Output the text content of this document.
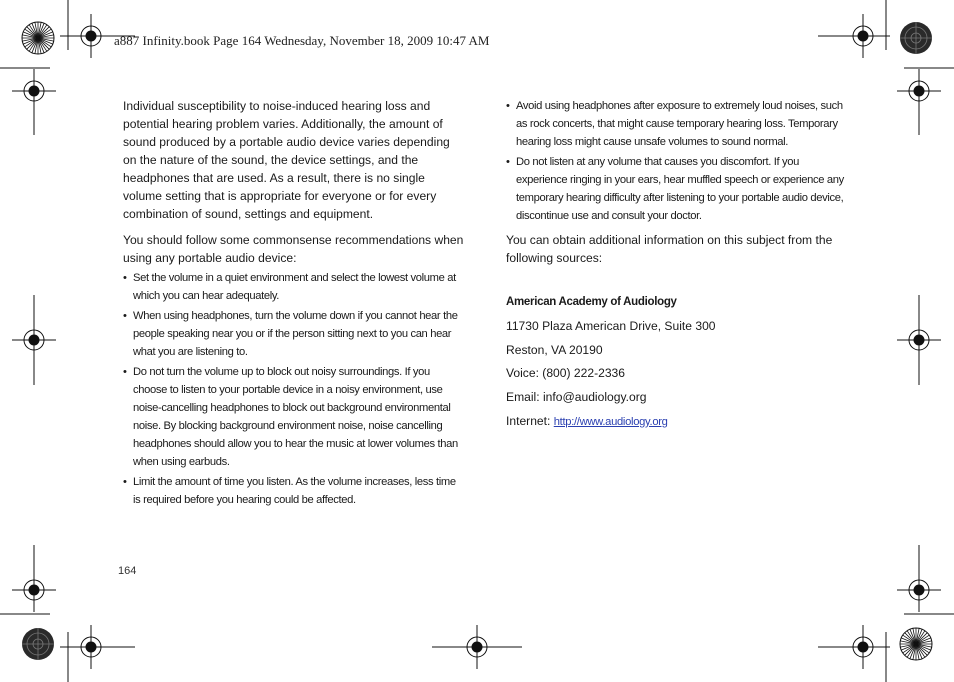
a887 Infinity.book Page 164 Wednesday, November 18, 2009 10:47 AM

Individual susceptibility to noise-induced hearing loss and potential hearing problem varies. Additionally, the amount of sound produced by a portable audio device varies depending on the nature of the sound, the device settings, and the headphones that are used. As a result, there is no single volume setting that is appropriate for everyone or for every combination of sound, settings and equipment.

You should follow some commonsense recommendations when using any portable audio device:

• Set the volume in a quiet environment and select the lowest volume at which you can hear adequately.
• When using headphones, turn the volume down if you cannot hear the people speaking near you or if the person sitting next to you can hear what you are listening to.
• Do not turn the volume up to block out noisy surroundings. If you choose to listen to your portable device in a noisy environment, use noise-cancelling headphones to block out background environmental noise. By blocking background environment noise, noise cancelling headphones should allow you to hear the music at lower volumes than when using earbuds.
• Limit the amount of time you listen. As the volume increases, less time is required before you hearing could be affected.
• Avoid using headphones after exposure to extremely loud noises, such as rock concerts, that might cause temporary hearing loss. Temporary hearing loss might cause unsafe volumes to sound normal.
• Do not listen at any volume that causes you discomfort. If you experience ringing in your ears, hear muffled speech or experience any temporary hearing difficulty after listening to your portable audio device, discontinue use and consult your doctor.

You can obtain additional information on this subject from the following sources:

American Academy of Audiology
11730 Plaza American Drive, Suite 300
Reston, VA 20190
Voice: (800) 222-2336
Email: info@audiology.org
Internet: http://www.audiology.org
164
